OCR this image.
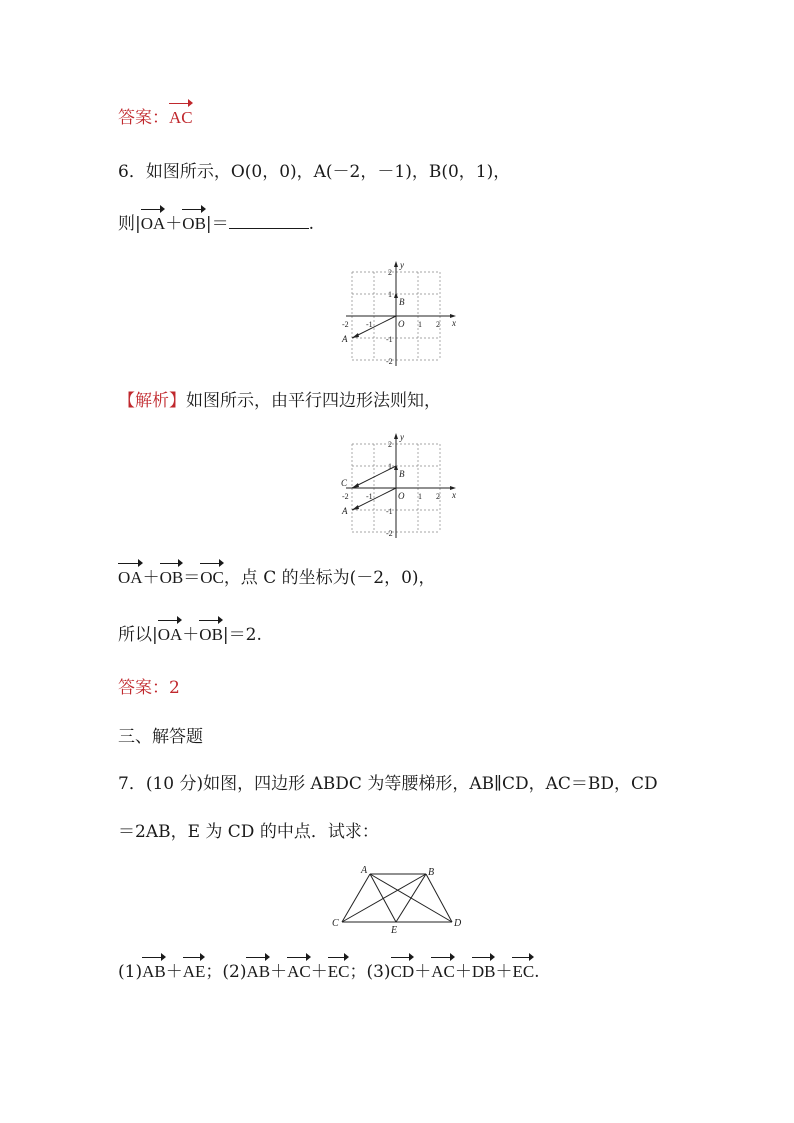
答案：AC
6．如图所示，O(0，0)，A(－2，－1)，B(0，1)，
则|OA＋OB|＝	.
y
x
O
A
B
-2 -1	1 2
2
1
-1
-2
【解析】如图所示，由平行四边形法则知，
y
x
O
A
B
C
-2 -1	1 2
2
1
-1
-2
OA＋OB＝OC，点 C 的坐标为(－2，0)，
所以|OA＋OB|＝2.
答案：2
三、解答题
7．(10 分)如图，四边形 ABDC 为等腰梯形，AB∥CD，AC＝BD，CD
＝2AB，E 为 CD 的中点．试求：
A	B
C	D
E
(1)AB＋AE；(2)AB＋AC＋EC；(3)CD＋AC＋DB＋EC.
